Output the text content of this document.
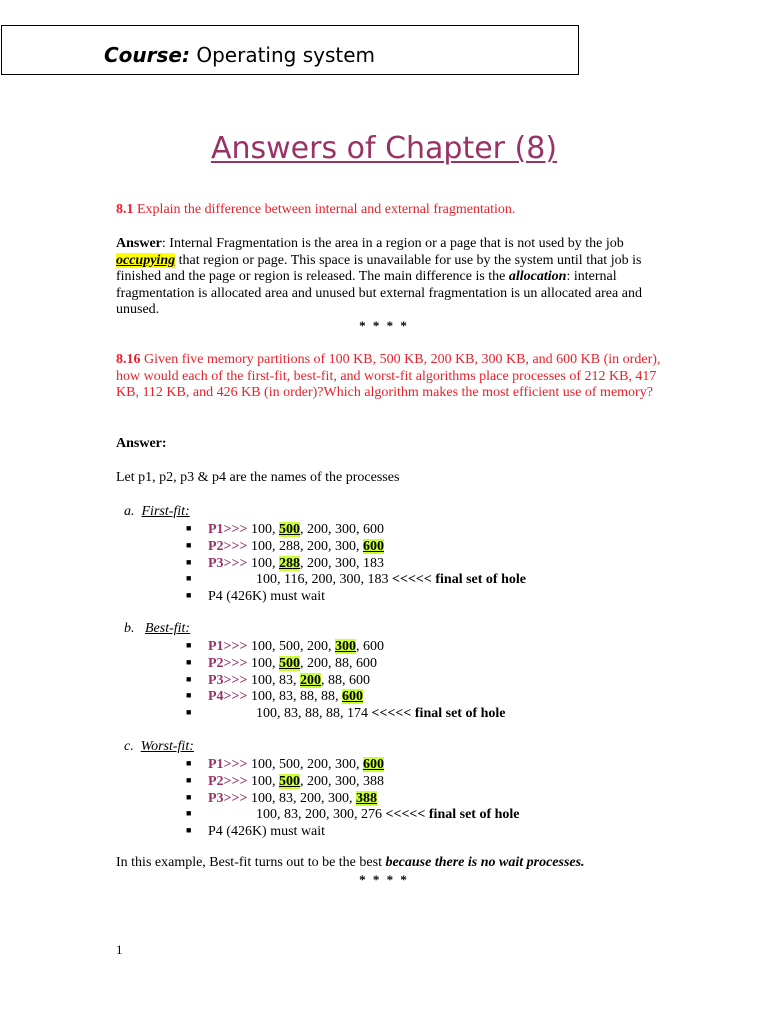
Course: Operating system
Answers of Chapter (8)
8.1 Explain the difference between internal and external fragmentation.
Answer: Internal Fragmentation is the area in a region or a page that is not used by the job occupying that region or page. This space is unavailable for use by the system until that job is finished and the page or region is released. The main difference is the allocation: internal fragmentation is allocated area and unused but external fragmentation is un allocated area and unused.
* * * *
8.16 Given five memory partitions of 100 KB, 500 KB, 200 KB, 300 KB, and 600 KB (in order), how would each of the first-fit, best-fit, and worst-fit algorithms place processes of 212 KB, 417 KB, 112 KB, and 426 KB (in order)?Which algorithm makes the most efficient use of memory?
Answer:
Let p1, p2, p3 & p4 are the names of the processes
a. First-fit:
■ P1>>> 100, 500, 200, 300, 600
■ P2>>> 100, 288, 200, 300, 600
■ P3>>> 100, 288, 200, 300, 183
■	100, 116, 200, 300, 183 <<<<< final set of hole
■ P4 (426K) must wait
b. Best-fit:
■ P1>>> 100, 500, 200, 300, 600
■ P2>>> 100, 500, 200, 88, 600
■ P3>>> 100, 83, 200, 88, 600
■ P4>>> 100, 83, 88, 88, 600
■	100, 83, 88, 88, 174 <<<<< final set of hole
c. Worst-fit:
■ P1>>> 100, 500, 200, 300, 600
■ P2>>> 100, 500, 200, 300, 388
■ P3>>> 100, 83, 200, 300, 388
■	100, 83, 200, 300, 276 <<<<< final set of hole
■ P4 (426K) must wait
In this example, Best-fit turns out to be the best because there is no wait processes.
* * * *
1
